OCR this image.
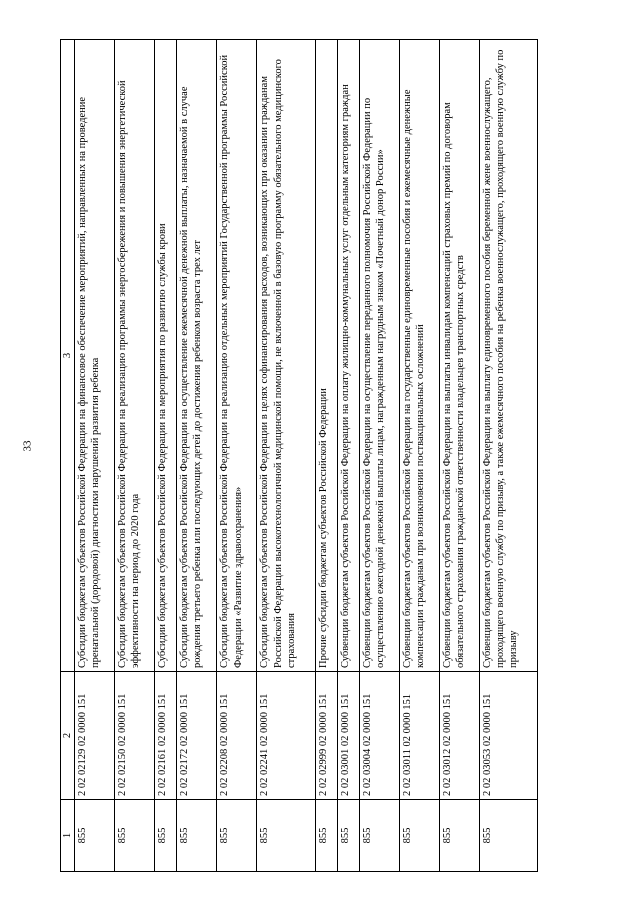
33
1	2	3
855	2 02 02129 02 0000 151	Субсидии бюджетам субъектов Российской Федерации на финансовое обеспечение мероприятий, направленных на проведение пренатальной (дородовой) диагностики нарушений развития ребенка
855	2 02 02150 02 0000 151	Субсидии бюджетам субъектов Российской Федерации на реализацию программы энергосбережения и повышения энергетической эффективности на период до 2020 года
855	2 02 02161 02 0000 151	Субсидии бюджетам субъектов Российской Федерации на мероприятия по развитию службы крови
855	2 02 02172 02 0000 151	Субсидии бюджетам субъектов Российской Федерации на осуществление ежемесячной денежной выплаты, назначаемой в случае рождения третьего ребенка или последующих детей до достижения ребенком возраста трех лет
855	2 02 02208 02 0000 151	Субсидии бюджетам субъектов Российской Федерации на реализацию отдельных мероприятий Государственной программы Российской Федерации «Развитие здравоохранения»
855	2 02 02241 02 0000 151	Субсидии бюджетам субъектов Российской Федерации в целях софинансирования расходов, возникающих при оказании гражданам Российской Федерации высокотехнологичной медицинской помощи, не включенной в базовую программу обязательного медицинского страхования
855	2 02 02999 02 0000 151	Прочие субсидии бюджетам субъектов Российской Федерации
855	2 02 03001 02 0000 151	Субвенции бюджетам субъектов Российской Федерации на оплату жилищно-коммунальных услуг отдельным категориям граждан
855	2 02 03004 02 0000 151	Субвенции бюджетам субъектов Российской Федерации на осуществление переданного полномочия Российской Федерации по осуществлению ежегодной денежной выплаты лицам, награжденным нагрудным знаком «Почетный донор России»
855	2 02 03011 02 0000 151	Субвенции бюджетам субъектов Российской Федерации на государственные единовременные пособия и ежемесячные денежные компенсации гражданам при возникновении поствакцинальных осложнений
855	2 02 03012 02 0000 151	Субвенции бюджетам субъектов Российской Федерации на выплаты инвалидам компенсаций страховых премий по договорам обязательного страхования гражданской ответственности владельцев транспортных средств
855	2 02 03053 02 0000 151	Субвенции бюджетам субъектов Российской Федерации на выплату единовременного пособия беременной жене военнослужащего, проходящего военную службу по призыву, а также ежемесячного пособия на ребенка военнослужащего, проходящего военную службу по призыву
